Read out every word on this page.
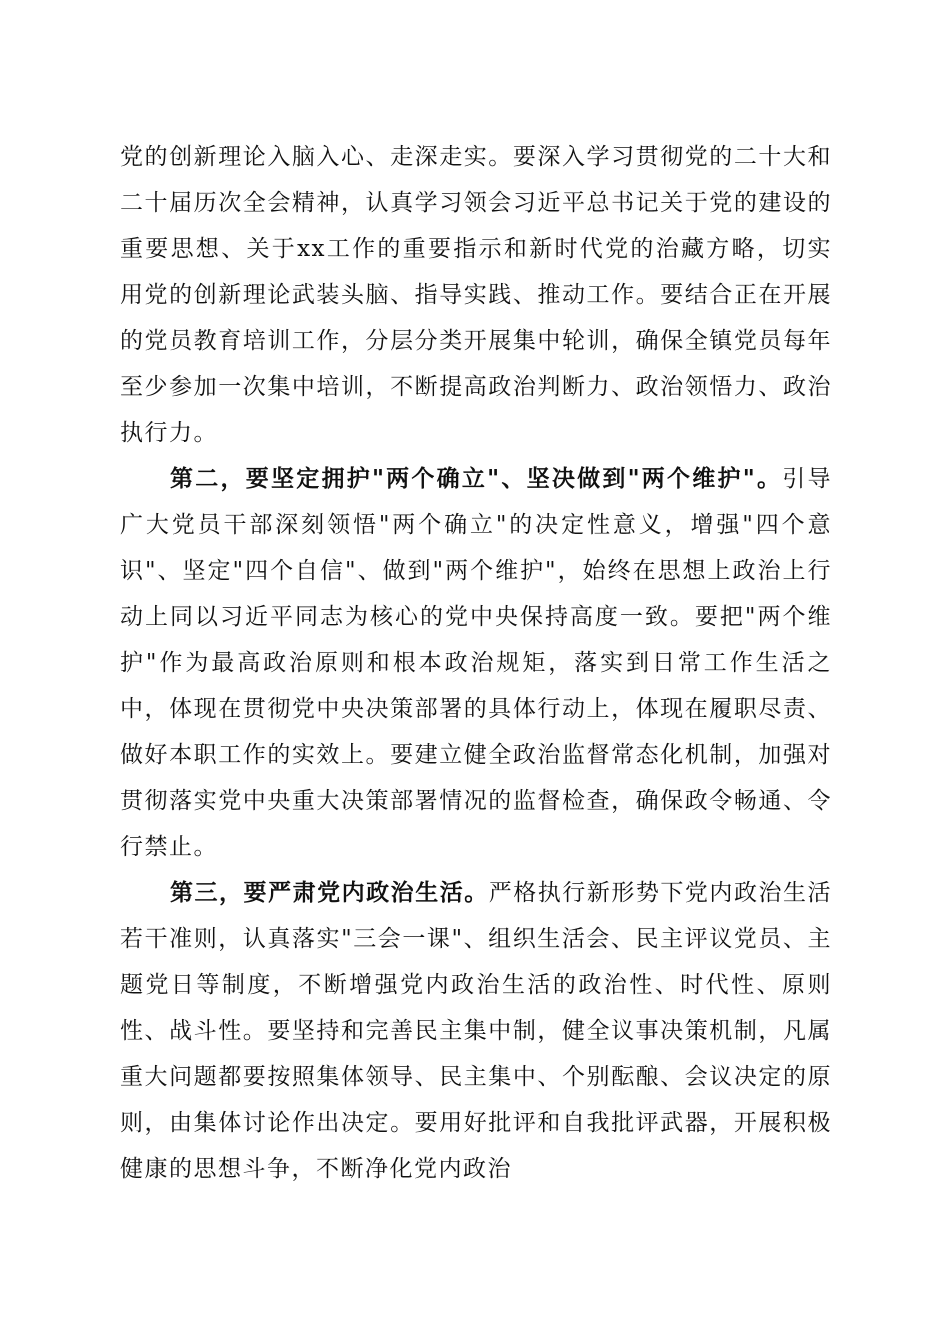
党的创新理论入脑入心、走深走实。要深入学习贯彻党的二十大和二十届历次全会精神，认真学习领会习近平总书记关于党的建设的重要思想、关于xx工作的重要指示和新时代党的治藏方略，切实用党的创新理论武装头脑、指导实践、推动工作。要结合正在开展的党员教育培训工作，分层分类开展集中轮训，确保全镇党员每年至少参加一次集中培训，不断提高政治判断力、政治领悟力、政治执行力。

第二，要坚定拥护"两个确立"、坚决做到"两个维护"。引导广大党员干部深刻领悟"两个确立"的决定性意义，增强"四个意识"、坚定"四个自信"、做到"两个维护"，始终在思想上政治上行动上同以习近平同志为核心的党中央保持高度一致。要把"两个维护"作为最高政治原则和根本政治规矩，落实到日常工作生活之中，体现在贯彻党中央决策部署的具体行动上，体现在履职尽责、做好本职工作的实效上。要建立健全政治监督常态化机制，加强对贯彻落实党中央重大决策部署情况的监督检查，确保政令畅通、令行禁止。

第三，要严肃党内政治生活。严格执行新形势下党内政治生活若干准则，认真落实"三会一课"、组织生活会、民主评议党员、主题党日等制度，不断增强党内政治生活的政治性、时代性、原则性、战斗性。要坚持和完善民主集中制，健全议事决策机制，凡属重大问题都要按照集体领导、民主集中、个别酝酿、会议决定的原则，由集体讨论作出决定。要用好批评和自我批评武器，开展积极健康的思想斗争，不断净化党内政治
